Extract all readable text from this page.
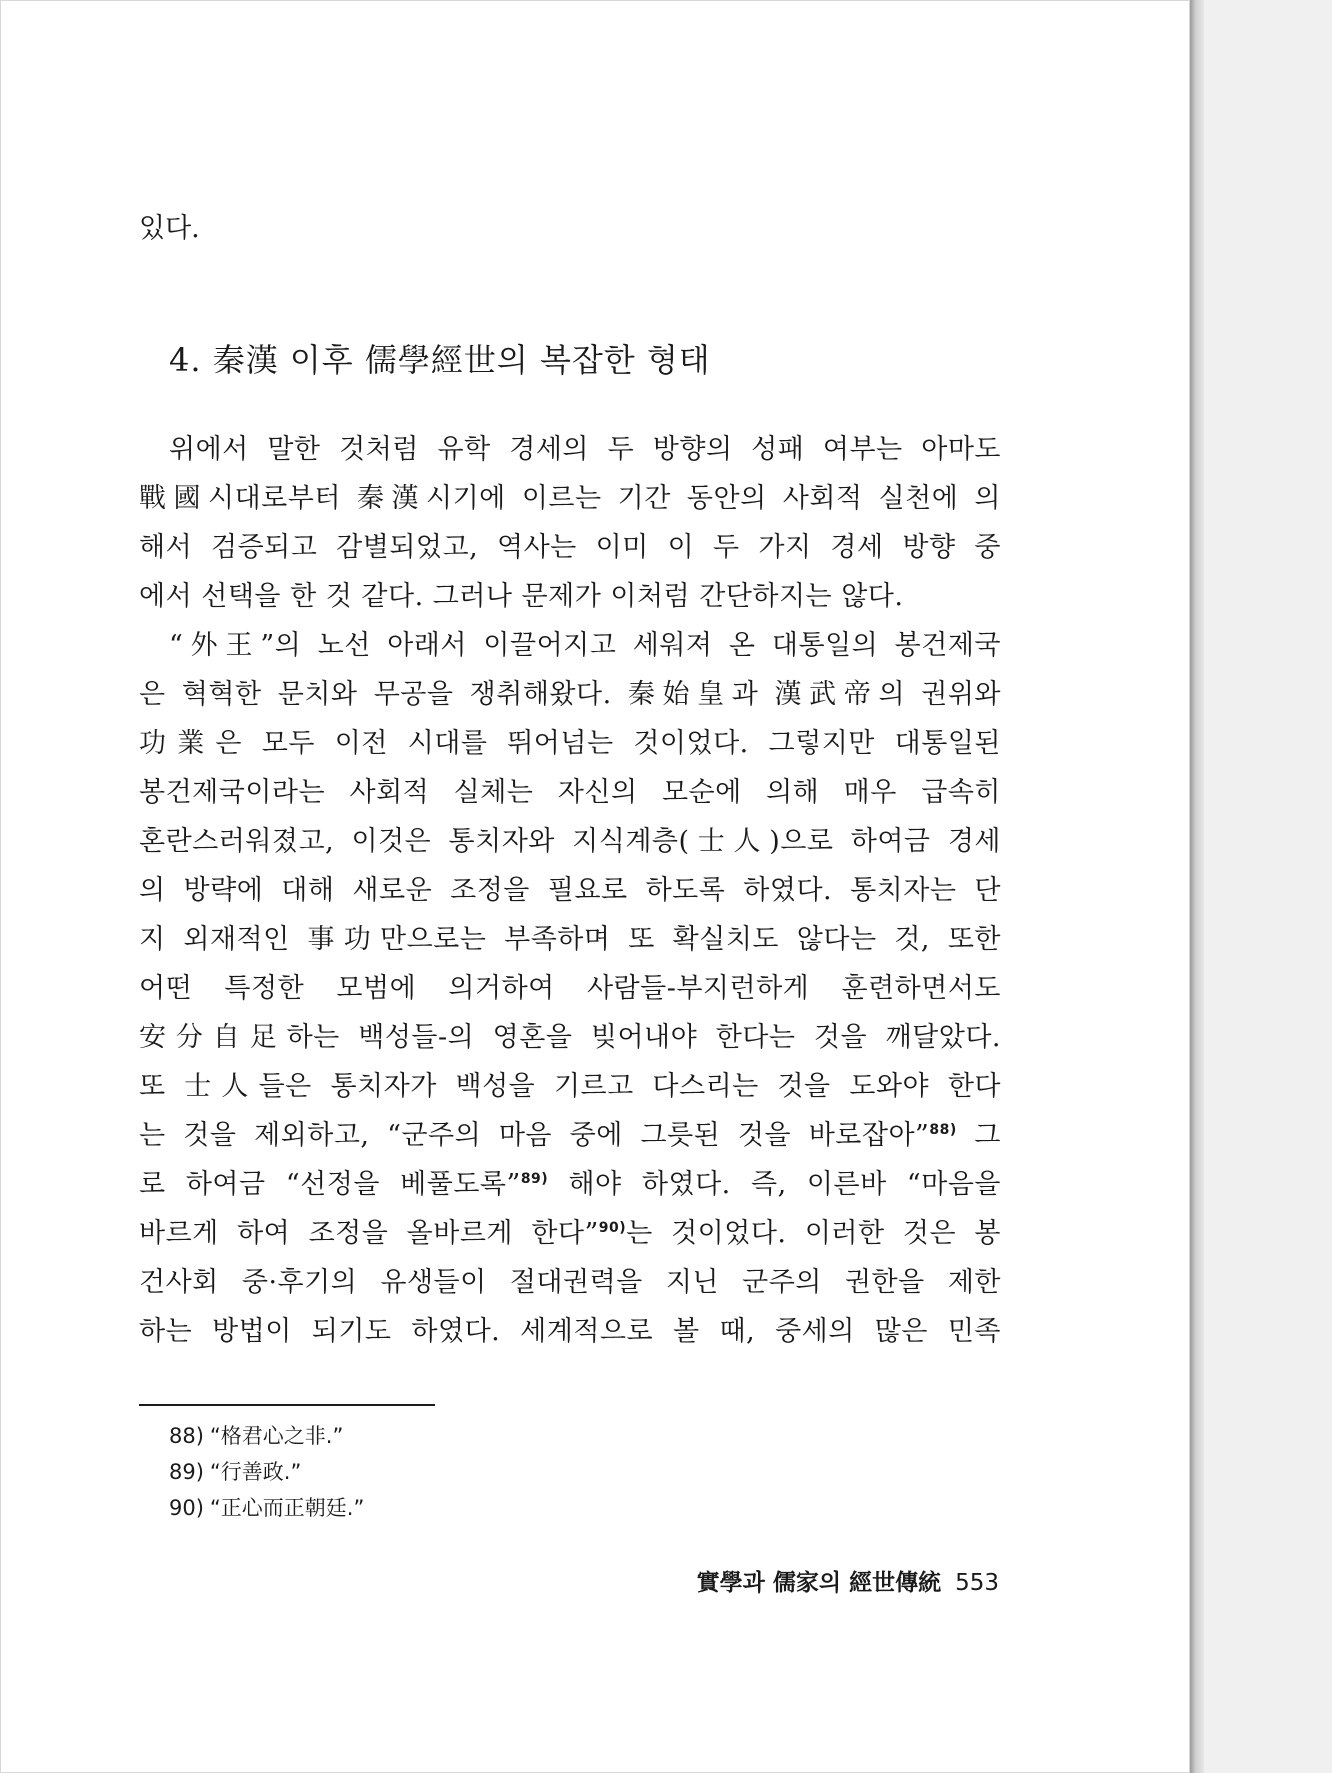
있다.
4. 秦漢 이후 儒學經世의 복잡한 형태
위에서 말한 것처럼 유학 경세의 두 방향의 성패 여부는 아마도
戰國시대로부터 秦漢시기에 이르는 기간 동안의 사회적 실천에 의
해서 검증되고 감별되었고, 역사는 이미 이 두 가지 경세 방향 중
에서 선택을 한 것 같다. 그러나 문제가 이처럼 간단하지는 않다.
“外王”의 노선 아래서 이끌어지고 세워져 온 대통일의 봉건제국
은 혁혁한 문치와 무공을 쟁취해왔다. 秦始皇과 漢武帝의 권위와
功業은 모두 이전 시대를 뛰어넘는 것이었다. 그렇지만 대통일된
봉건제국이라는 사회적 실체는 자신의 모순에 의해 매우 급속히
혼란스러워졌고, 이것은 통치자와 지식계층(士人)으로 하여금 경세
의 방략에 대해 새로운 조정을 필요로 하도록 하였다. 통치자는 단
지 외재적인 事功만으로는 부족하며 또 확실치도 않다는 것, 또한
어떤 특정한 모범에 의거하여 사람들-부지런하게 훈련하면서도
安分自足하는 백성들-의 영혼을 빚어내야 한다는 것을 깨달았다.
또 士人들은 통치자가 백성을 기르고 다스리는 것을 도와야 한다
는 것을 제외하고, “군주의 마음 중에 그릇된 것을 바로잡아”$^{88)}$ 그
로 하여금 “선정을 베풀도록”$^{89)}$ 해야 하였다. 즉, 이른바 “마음을
바르게 하여 조정을 올바르게 한다”$^{90)}$는 것이었다. 이러한 것은 봉
건사회 중·후기의 유생들이 절대권력을 지닌 군주의 권한을 제한
하는 방법이 되기도 하였다. 세계적으로 볼 때, 중세의 많은 민족
88) “格君心之非.”
89) “行善政.”
90) “正心而正朝廷.”
實學과 儒家의 經世傳統 553
